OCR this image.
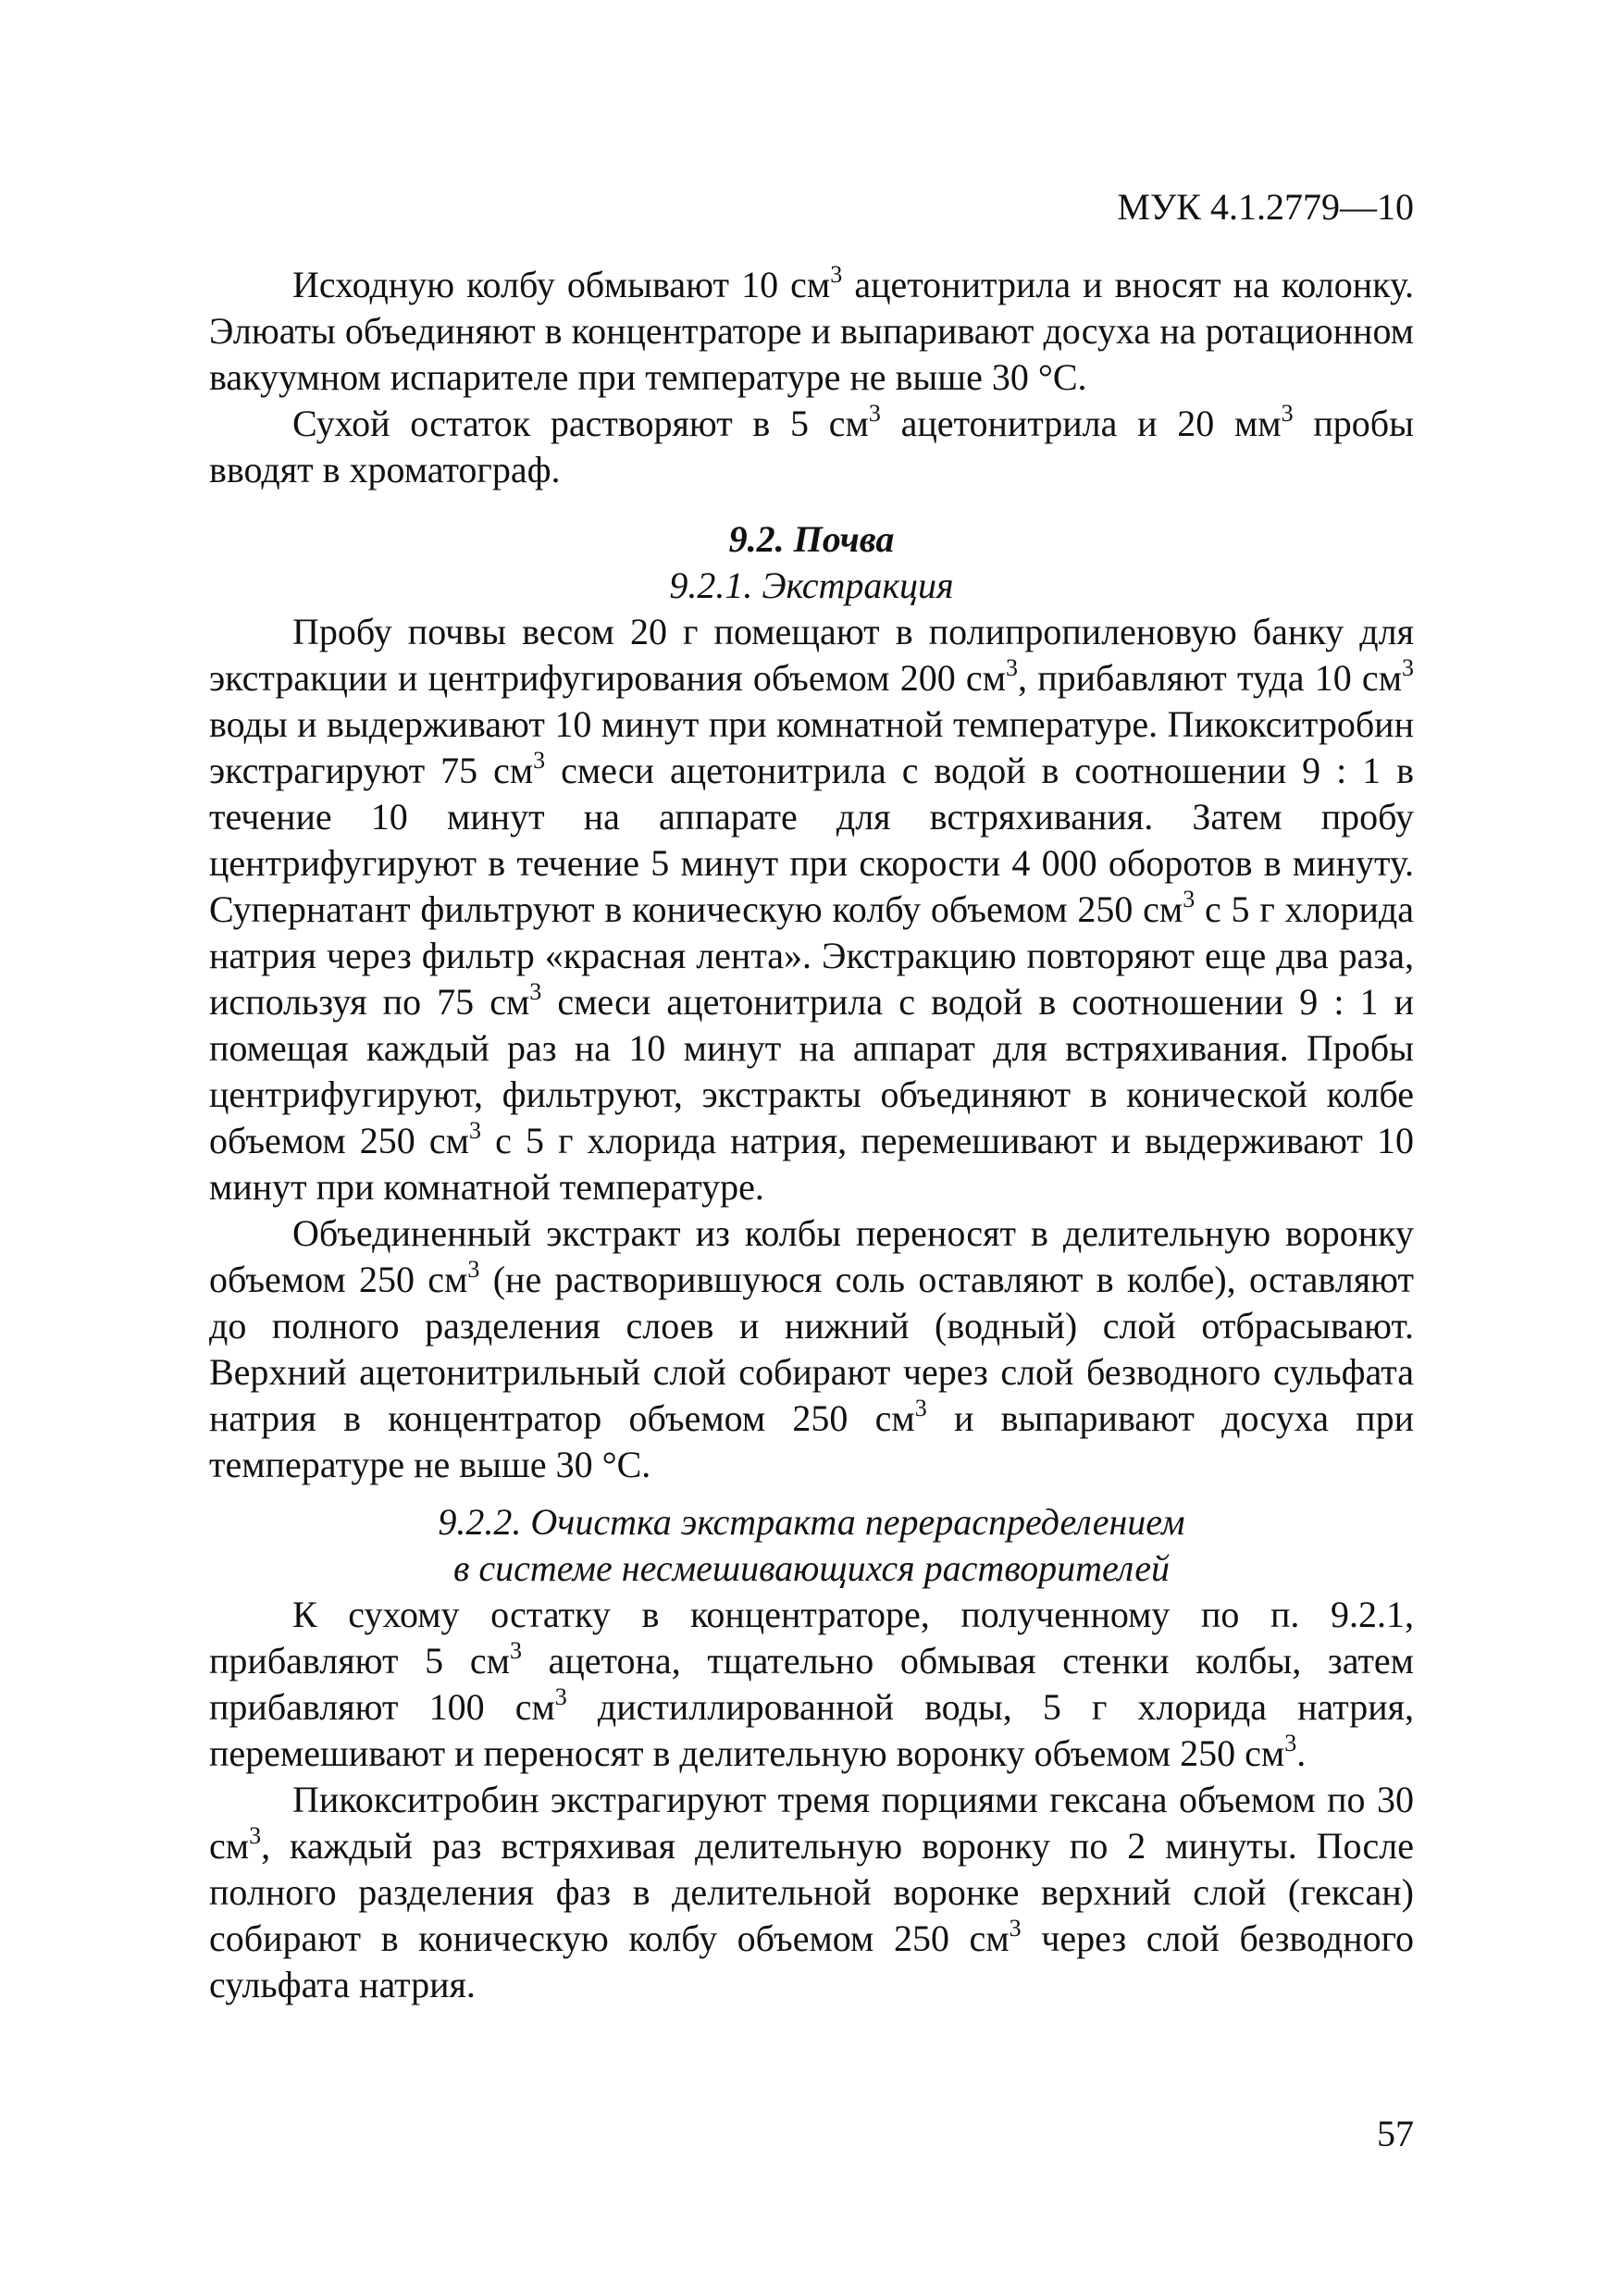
МУК 4.1.2779—10

Исходную колбу обмывают 10 $см^3$ ацетонитрила и вносят на колонку. Элюаты объединяют в концентраторе и выпаривают досуха на ротационном вакуумном испарителе при температуре не выше 30 °С.

Сухой остаток растворяют в 5 $см^3$ ацетонитрила и 20 $мм^3$ пробы вводят в хроматограф.

9.2. Почва
9.2.1. Экстракция

Пробу почвы весом 20 г помещают в полипропиленовую банку для экстракции и центрифугирования объемом 200 $см^3$, прибавляют туда 10 $см^3$ воды и выдерживают 10 минут при комнатной температуре. Пикокситробин экстрагируют 75 $см^3$ смеси ацетонитрила с водой в соотношении 9 : 1 в течение 10 минут на аппарате для встряхивания. Затем пробу центрифугируют в течение 5 минут при скорости 4 000 оборотов в минуту. Супернатант фильтруют в коническую колбу объемом 250 $см^3$ с 5 г хлорида натрия через фильтр «красная лента». Экстракцию повторяют еще два раза, используя по 75 $см^3$ смеси ацетонитрила с водой в соотношении 9 : 1 и помещая каждый раз на 10 минут на аппарат для встряхивания. Пробы центрифугируют, фильтруют, экстракты объединяют в конической колбе объемом 250 $см^3$ с 5 г хлорида натрия, перемешивают и выдерживают 10 минут при комнатной температуре.

Объединенный экстракт из колбы переносят в делительную воронку объемом 250 $см^3$ (не растворившуюся соль оставляют в колбе), оставляют до полного разделения слоев и нижний (водный) слой отбрасывают. Верхний ацетонитрильный слой собирают через слой безводного сульфата натрия в концентратор объемом 250 $см^3$ и выпаривают досуха при температуре не выше 30 °С.

9.2.2. Очистка экстракта перераспределением
в системе несмешивающихся растворителей

К сухому остатку в концентраторе, полученному по п. 9.2.1, прибавляют 5 $см^3$ ацетона, тщательно обмывая стенки колбы, затем прибавляют 100 $см^3$ дистиллированной воды, 5 г хлорида натрия, перемешивают и переносят в делительную воронку объемом 250 $см^3$.

Пикокситробин экстрагируют тремя порциями гексана объемом по 30 $см^3$, каждый раз встряхивая делительную воронку по 2 минуты. После полного разделения фаз в делительной воронке верхний слой (гексан) собирают в коническую колбу объемом 250 $см^3$ через слой безводного сульфата натрия.

57
